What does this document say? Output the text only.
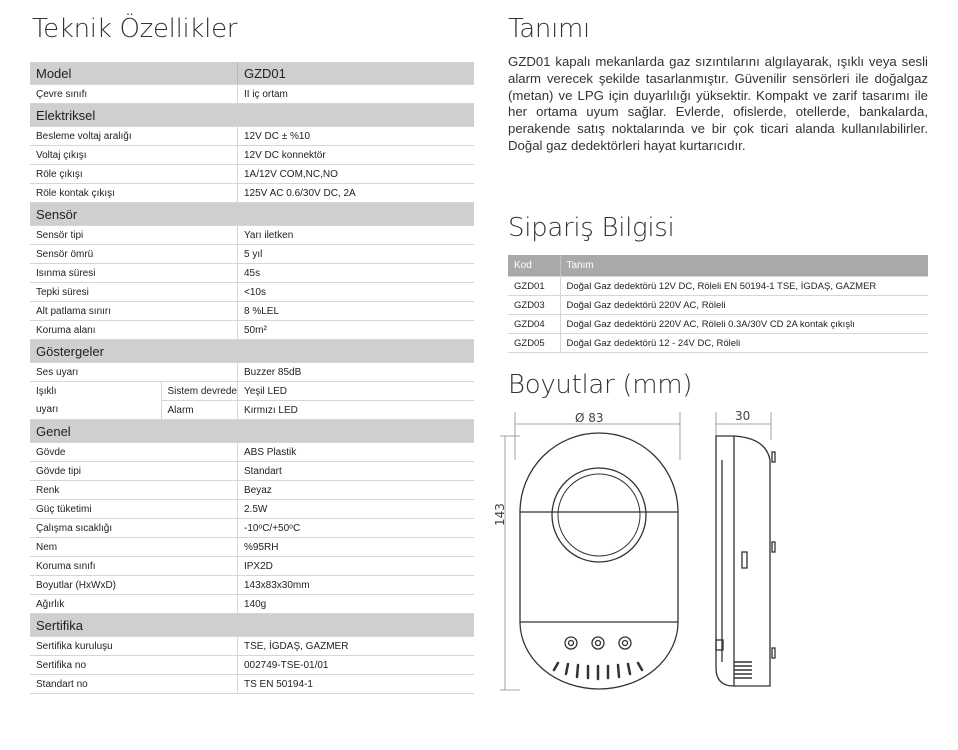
Teknik Özellikler
Model		GZD01
Çevre sınıfı		II iç ortam
Elektriksel		
Besleme voltaj aralığı		12V DC ± %10
Voltaj çıkışı		12V DC konnektör
Röle çıkışı		1A/12V COM,NC,NO
Röle kontak çıkışı		125V AC 0.6/30V DC, 2A
Sensör		
Sensör tipi		Yarı iletken
Sensör ömrü		5 yıl
Isınma süresi		45s
Tepki süresi		<10s
Alt patlama sınırı		8 %LEL
Koruma alanı		50m²
Göstergeler		
Ses uyarı		Buzzer 85dB
Işıklı	Sistem devrede	Yeşil LED
uyarı	Alarm	Kırmızı LED
Genel		
Gövde		ABS Plastik
Gövde tipi		Standart
Renk		Beyaz
Güç tüketimi		2.5W
Çalışma sıcaklığı		-10ᵒC/+50ᵒC
Nem		%95RH
Koruma sınıfı		IPX2D
Boyutlar (HxWxD)		143x83x30mm
Ağırlık		140g
Sertifika		
Sertifika kuruluşu		TSE, İGDAŞ, GAZMER
Sertifika no		002749-TSE-01/01
Standart no		TS EN 50194-1
Tanımı
GZD01 kapalı mekanlarda gaz sızıntılarını algılayarak, ışıklı veya sesli alarm verecek şekilde tasarlanmıştır. Güvenilir sensörleri ile doğalgaz (metan) ve LPG için duyarlılığı yüksektir. Kompakt ve zarif tasarımı ile her ortama uyum sağlar. Evlerde, ofislerde, otellerde, bankalarda, perakende satış noktalarında ve bir çok ticari alanda kullanılabilirler. Doğal gaz dedektörleri hayat kurtarıcıdır.
Sipariş Bilgisi
Kod	Tanım
GZD01	Doğal Gaz dedektörü 12V DC, Röleli EN 50194-1 TSE, İGDAŞ, GAZMER
GZD03	Doğal Gaz dedektörü 220V AC, Röleli
GZD04	Doğal Gaz dedektörü 220V AC, Röleli 0.3A/30V CD 2A kontak çıkışlı
GZD05	Doğal Gaz dedektörü 12 - 24V DC, Röleli
Boyutlar (mm)
Ø 83	30
143
